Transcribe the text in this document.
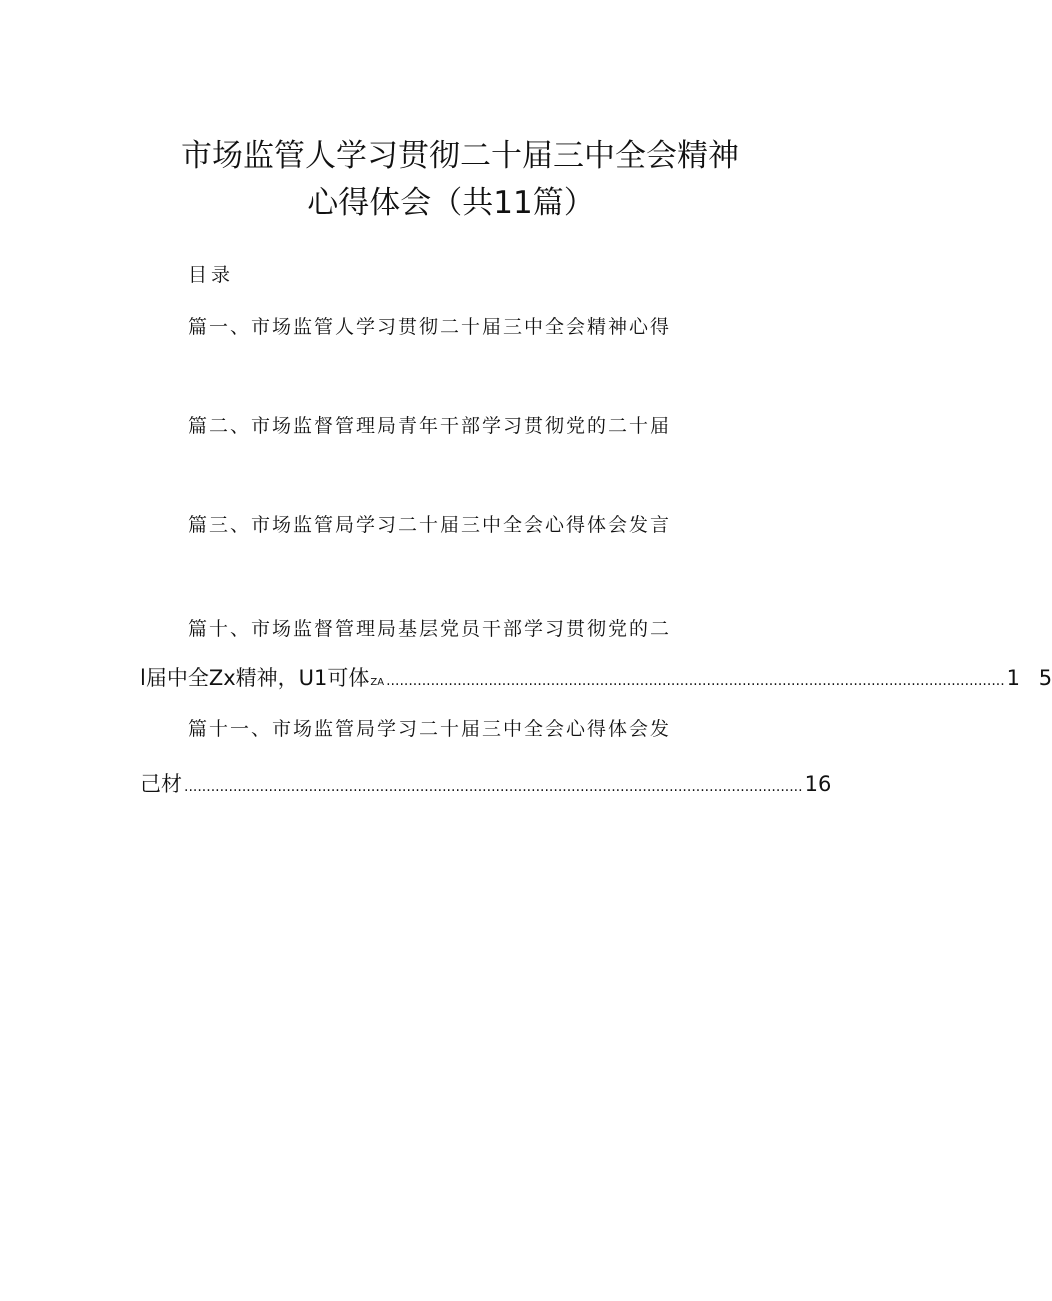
市场监管人学习贯彻二十届三中全会精神
心得体会（共11篇）
目录
篇一、市场监管人学习贯彻二十届三中全会精神心得
篇二、市场监督管理局青年干部学习贯彻党的二十届
篇三、市场监管局学习二十届三中全会心得体会发言
篇十、市场监督管理局基层党员干部学习贯彻党的二
l届中全Zx精神，U1可体 ZA ........................................................................................................................................... 1 5
篇十一、市场监管局学习二十届三中全会心得体会发
己材 ........................................................................................................................................... 16
